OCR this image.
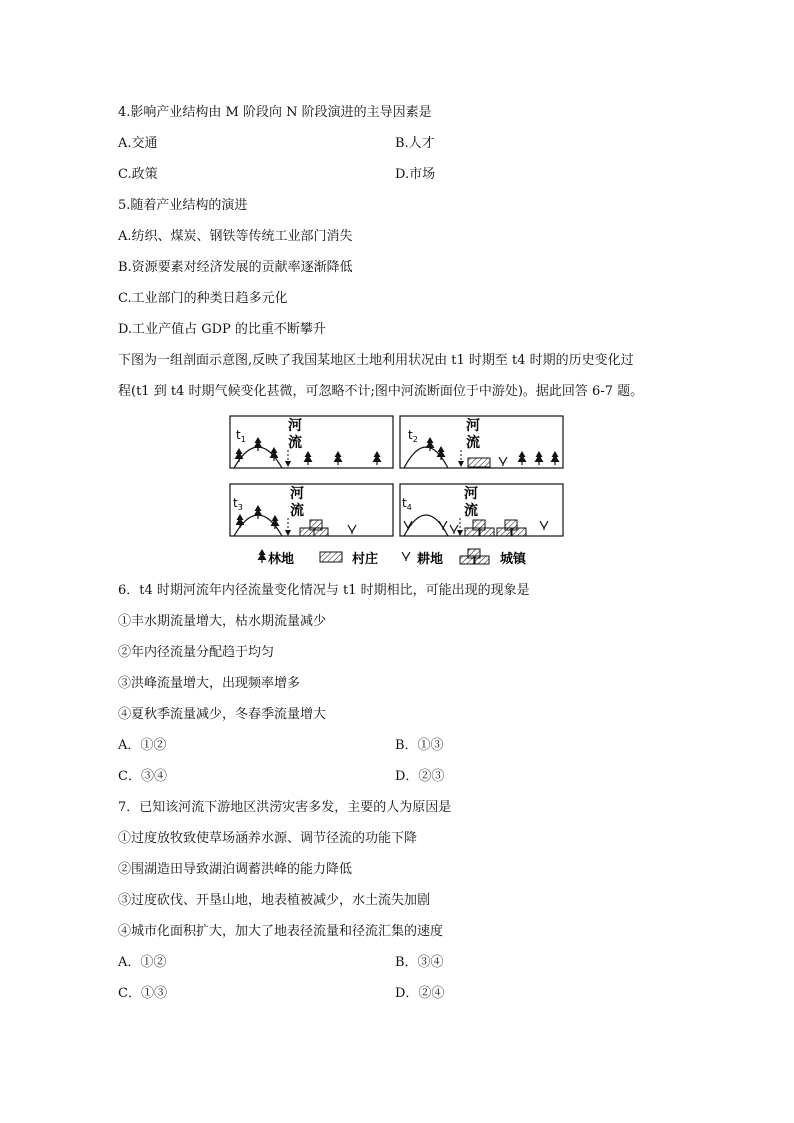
4.影响产业结构由 M 阶段向 N 阶段演进的主导因素是
A.交通	B.人才
C.政策	D.市场
5.随着产业结构的演进
A.纺织、煤炭、钢铁等传统工业部门消失
B.资源要素对经济发展的贡献率逐渐降低
C.工业部门的种类日趋多元化
D.工业产值占 GDP 的比重不断攀升
下图为一组剖面示意图,反映了我国某地区土地利用状况由 t1 时期至 t4 时期的历史变化过
程(t1 到 t4 时期气候变化甚微，可忽略不计;图中河流断面位于中游处)。据此回答 6-7 题。
$t_1$
河
流	$t_2$
河
流
$t_3$
河
流	$t_4$
河
流
林地	村庄	耕地	城镇
6．t4 时期河流年内径流量变化情况与 t1 时期相比，可能出现的现象是
①丰水期流量增大，枯水期流量减少
②年内径流量分配趋于均匀
③洪峰流量增大，出现频率增多
④夏秋季流量减少，冬春季流量增大
A．①②	B．①③
C．③④	D．②③
7．已知该河流下游地区洪涝灾害多发，主要的人为原因是
①过度放牧致使草场涵养水源、调节径流的功能下降
②围湖造田导致湖泊调蓄洪峰的能力降低
③过度砍伐、开垦山地，地表植被减少，水土流失加剧
④城市化面积扩大，加大了地表径流量和径流汇集的速度
A．①②	B．③④
C．①③	D．②④
